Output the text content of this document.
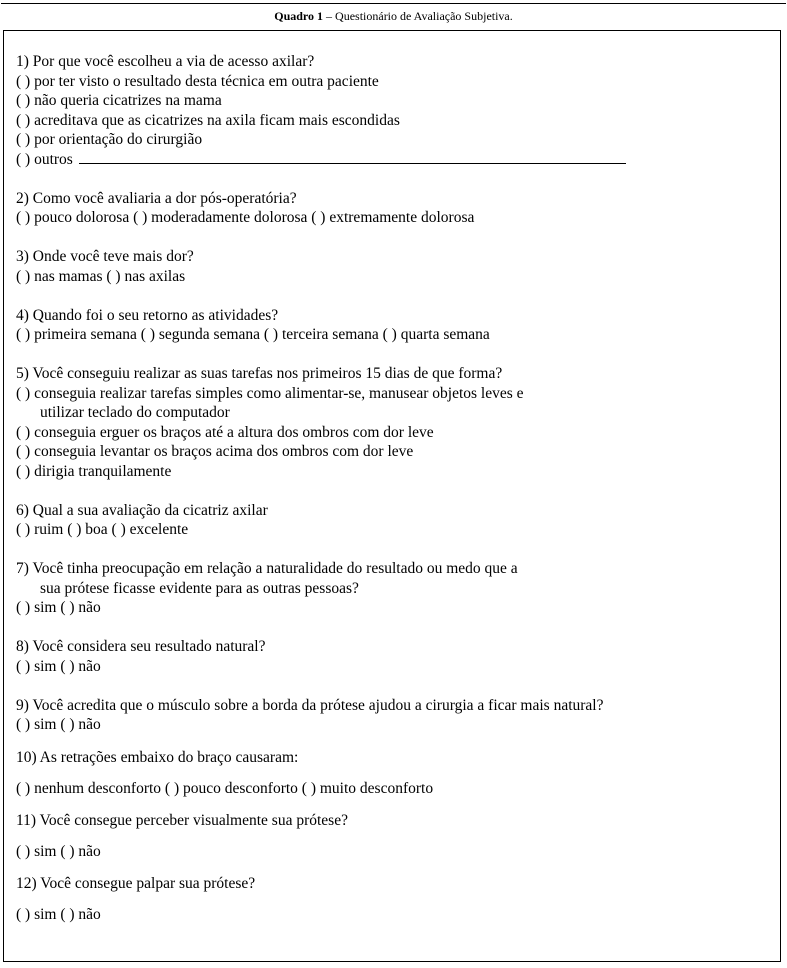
Quadro 1 – Questionário de Avaliação Subjetiva.

1) Por que você escolheu a via de acesso axilar?

( ) por ter visto o resultado desta técnica em outra paciente

( ) não queria cicatrizes na mama

( ) acreditava que as cicatrizes na axila ficam mais escondidas

( ) por orientação do cirurgião

( ) outros

2) Como você avaliaria a dor pós-operatória?

( ) pouco dolorosa ( ) moderadamente dolorosa ( ) extremamente dolorosa

3) Onde você teve mais dor?

( ) nas mamas ( ) nas axilas

4) Quando foi o seu retorno as atividades?

( ) primeira semana ( ) segunda semana ( ) terceira semana ( ) quarta semana

5) Você conseguiu realizar as suas tarefas nos primeiros 15 dias de que forma?

( ) conseguia realizar tarefas simples como alimentar-se, manusear objetos leves e

utilizar teclado do computador

( ) conseguia erguer os braços até a altura dos ombros com dor leve

( ) conseguia levantar os braços acima dos ombros com dor leve

( ) dirigia tranquilamente

6) Qual a sua avaliação da cicatriz axilar

( ) ruim ( ) boa ( ) excelente

7) Você tinha preocupação em relação a naturalidade do resultado ou medo que a

sua prótese ficasse evidente para as outras pessoas?

( ) sim ( ) não

8) Você considera seu resultado natural?

( ) sim ( ) não

9) Você acredita que o músculo sobre a borda da prótese ajudou a cirurgia a ficar mais natural?

( ) sim ( ) não

10) As retrações embaixo do braço causaram:

( ) nenhum desconforto ( ) pouco desconforto ( ) muito desconforto

11) Você consegue perceber visualmente sua prótese?

( ) sim ( ) não

12) Você consegue palpar sua prótese?

( ) sim ( ) não
